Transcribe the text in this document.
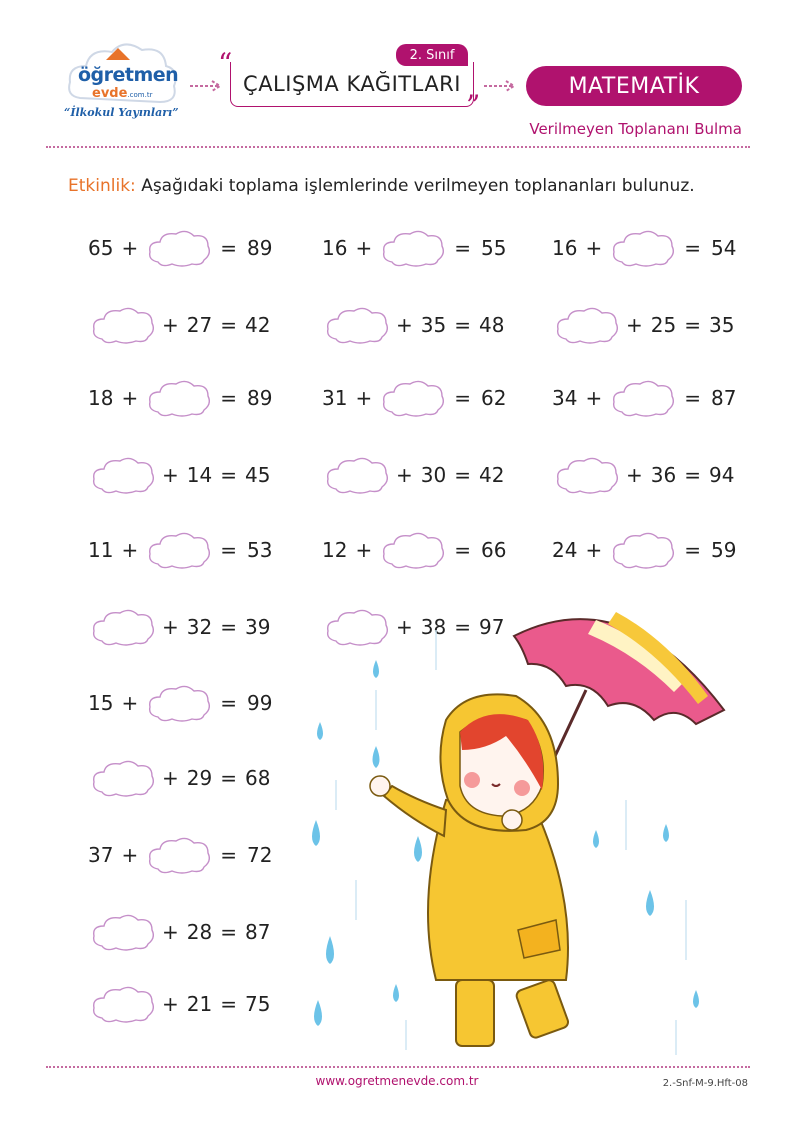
öğretmen
evde.com.tr
“İlkokul Yayınları”
“
ÇALIŞMA KAĞITLARI
2. Sınıf
”
MATEMATİK
Verilmeyen Toplananı Bulma
Etkinlik: Aşağıdaki toplama işlemlerinde verilmeyen toplananları bulunuz.
65 +	= 89
+ 27 = 42
18 +	= 89
+ 14 = 45
11 +	= 53
+ 32 = 39
15 +	= 99
+ 29 = 68
37 +	= 72
+ 28 = 87
+ 21 = 75
16 +	= 55
+ 35 = 48
31 +	= 62
+ 30 = 42
12 +	= 66
+ 38 = 97
16 +	= 54
+ 25 = 35
34 +	= 87
+ 36 = 94
24 +	= 59
www.ogretmenevde.com.tr	2.-Snf-M-9.Hft-08
